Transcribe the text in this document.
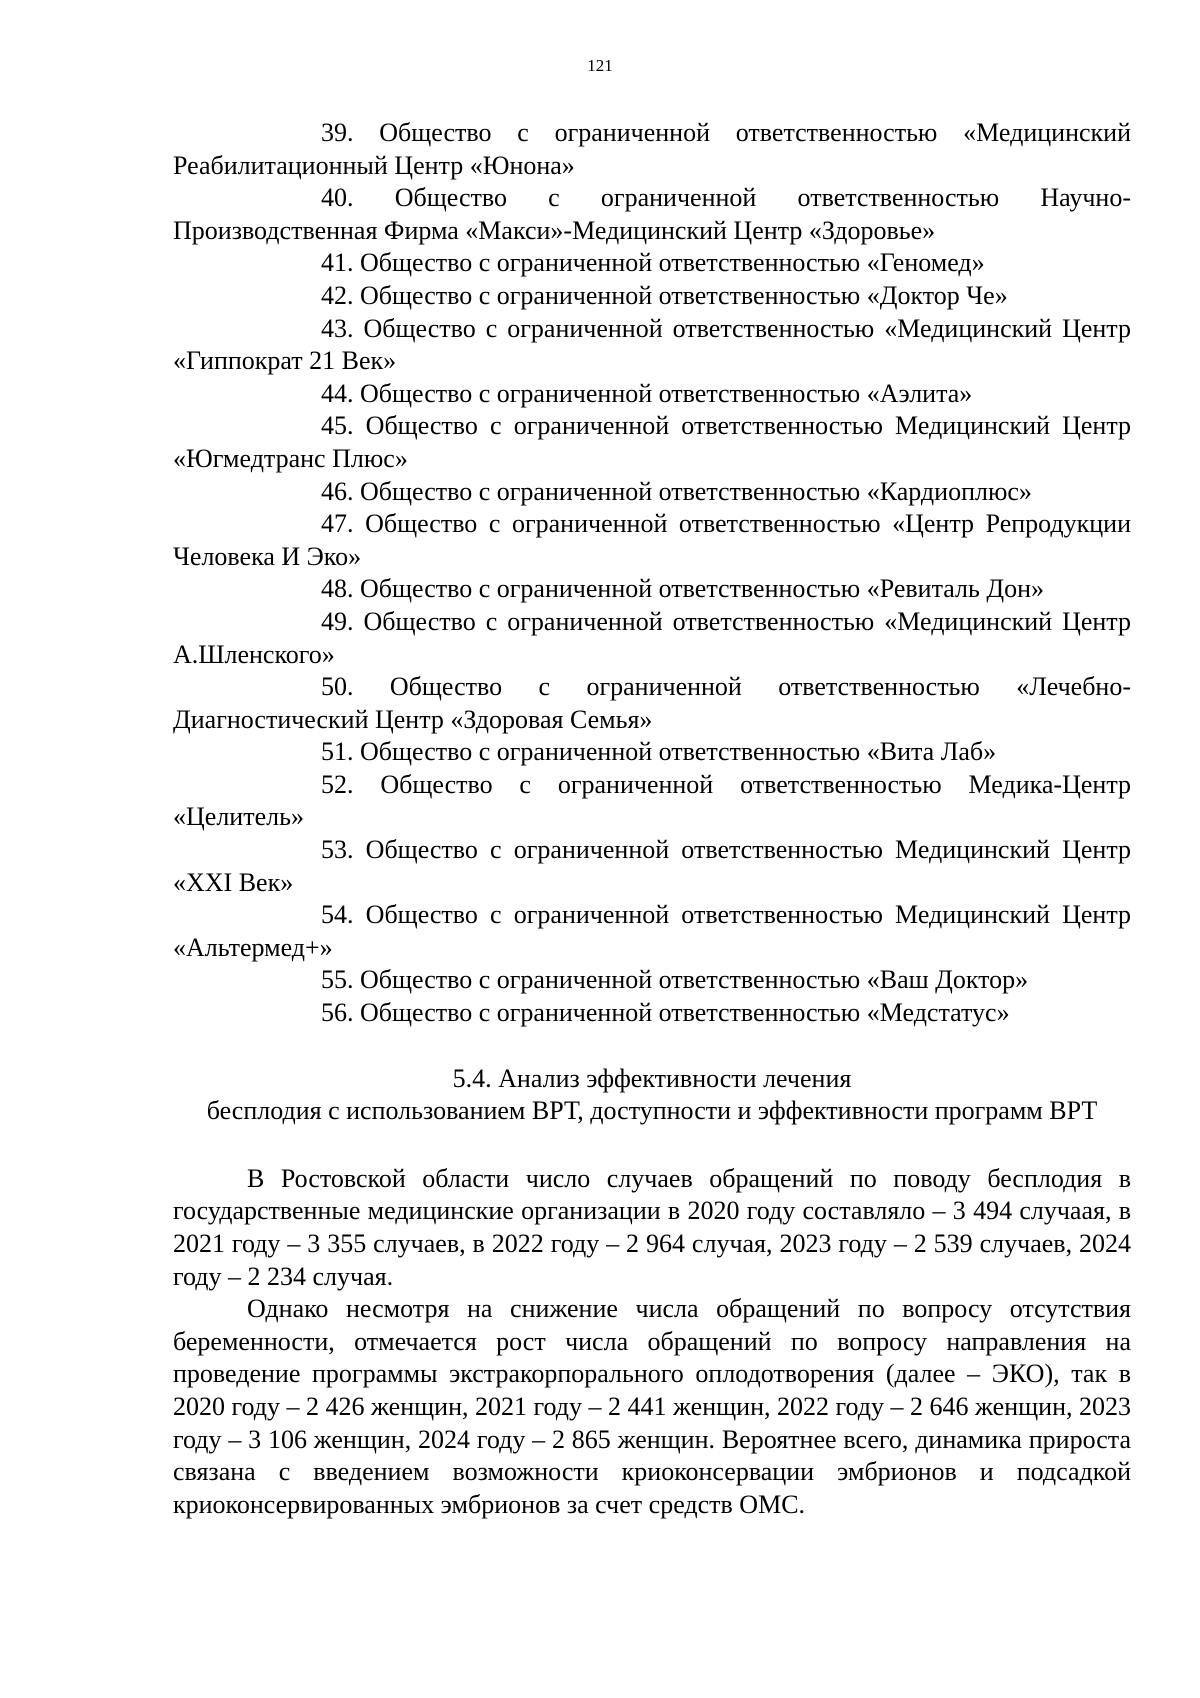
121

39. Общество с ограниченной ответственностью «Медицинский Реабилитационный Центр «Юнона»

40. Общество с ограниченной ответственностью Научно-Производственная Фирма «Макси»-Медицинский Центр «Здоровье»

41. Общество с ограниченной ответственностью «Геномед»

42. Общество с ограниченной ответственностью «Доктор Че»

43. Общество с ограниченной ответственностью «Медицинский Центр «Гиппократ 21 Век»

44. Общество с ограниченной ответственностью «Аэлита»

45. Общество с ограниченной ответственностью Медицинский Центр «Югмедтранс Плюс»

46. Общество с ограниченной ответственностью «Кардиоплюс»

47. Общество с ограниченной ответственностью «Центр Репродукции Человека И Эко»

48. Общество с ограниченной ответственностью «Ревиталь Дон»

49. Общество с ограниченной ответственностью «Медицинский Центр А.Шленского»

50. Общество с ограниченной ответственностью «Лечебно-Диагностический Центр «Здоровая Семья»

51. Общество с ограниченной ответственностью «Вита Лаб»

52. Общество с ограниченной ответственностью Медика-Центр «Целитель»

53. Общество с ограниченной ответственностью Медицинский Центр «XXI Век»

54. Общество с ограниченной ответственностью Медицинский Центр «Альтермед+»

55. Общество с ограниченной ответственностью «Ваш Доктор»

56. Общество с ограниченной ответственностью «Медстатус»

5.4. Анализ эффективности лечения
бесплодия с использованием ВРТ, доступности и эффективности программ ВРТ

В Ростовской области число случаев обращений по поводу бесплодия в государственные медицинские организации в 2020 году составляло – 3 494 случаая, в 2021 году – 3 355 случаев, в 2022 году – 2 964 случая, 2023 году – 2 539 случаев, 2024 году – 2 234 случая.

Однако несмотря на снижение числа обращений по вопросу отсутствия беременности, отмечается рост числа обращений по вопросу направления на проведение программы экстракорпорального оплодотворения (далее – ЭКО), так в 2020 году – 2 426 женщин, 2021 году – 2 441 женщин, 2022 году – 2 646 женщин, 2023 году – 3 106 женщин, 2024 году – 2 865 женщин. Вероятнее всего, динамика прироста связана с введением возможности криоконсервации эмбрионов и подсадкой криоконсервированных эмбрионов за счет средств ОМС.
